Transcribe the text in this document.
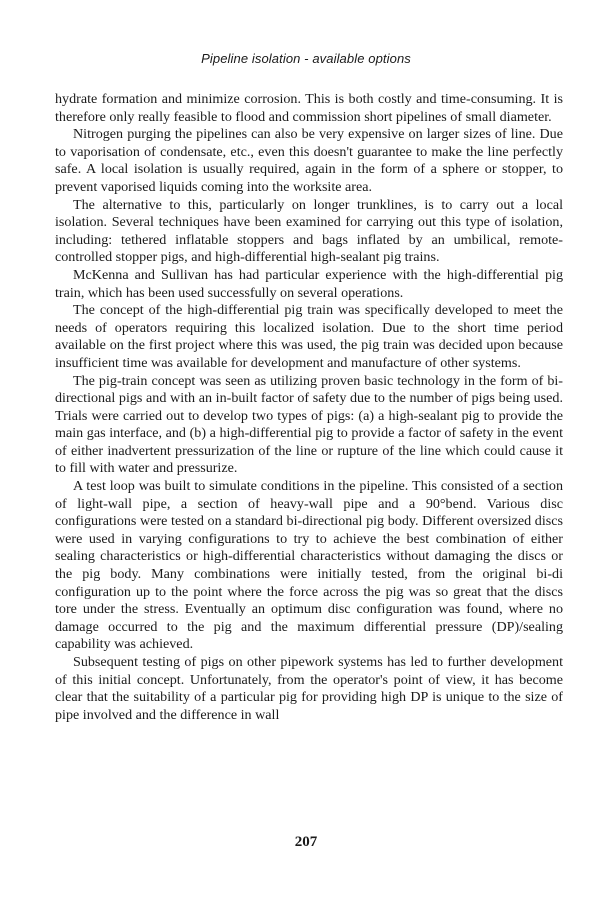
Pipeline isolation - available options

hydrate formation and minimize corrosion. This is both costly and time-consuming. It is therefore only really feasible to flood and commission short pipelines of small diameter.

Nitrogen purging the pipelines can also be very expensive on larger sizes of line. Due to vaporisation of condensate, etc., even this doesn't guarantee to make the line perfectly safe. A local isolation is usually required, again in the form of a sphere or stopper, to prevent vaporised liquids coming into the worksite area.

The alternative to this, particularly on longer trunklines, is to carry out a local isolation. Several techniques have been examined for carrying out this type of isolation, including: tethered inflatable stoppers and bags inflated by an umbilical, remote-controlled stopper pigs, and high-differential high-sealant pig trains.

McKenna and Sullivan has had particular experience with the high-differential pig train, which has been used successfully on several operations.

The concept of the high-differential pig train was specifically developed to meet the needs of operators requiring this localized isolation. Due to the short time period available on the first project where this was used, the pig train was decided upon because insufficient time was available for development and manufacture of other systems.

The pig-train concept was seen as utilizing proven basic technology in the form of bi-directional pigs and with an in-built factor of safety due to the number of pigs being used. Trials were carried out to develop two types of pigs: (a) a high-sealant pig to provide the main gas interface, and (b) a high-differential pig to provide a factor of safety in the event of either inadvertent pressurization of the line or rupture of the line which could cause it to fill with water and pressurize.

A test loop was built to simulate conditions in the pipeline. This consisted of a section of light-wall pipe, a section of heavy-wall pipe and a 90°bend. Various disc configurations were tested on a standard bi-directional pig body. Different oversized discs were used in varying configurations to try to achieve the best combination of either sealing characteristics or high-differential characteristics without damaging the discs or the pig body. Many combinations were initially tested, from the original bi-di configuration up to the point where the force across the pig was so great that the discs tore under the stress. Eventually an optimum disc configuration was found, where no damage occurred to the pig and the maximum differential pressure (DP)/sealing capability was achieved.

Subsequent testing of pigs on other pipework systems has led to further development of this initial concept. Unfortunately, from the operator's point of view, it has become clear that the suitability of a particular pig for providing high DP is unique to the size of pipe involved and the difference in wall

207
